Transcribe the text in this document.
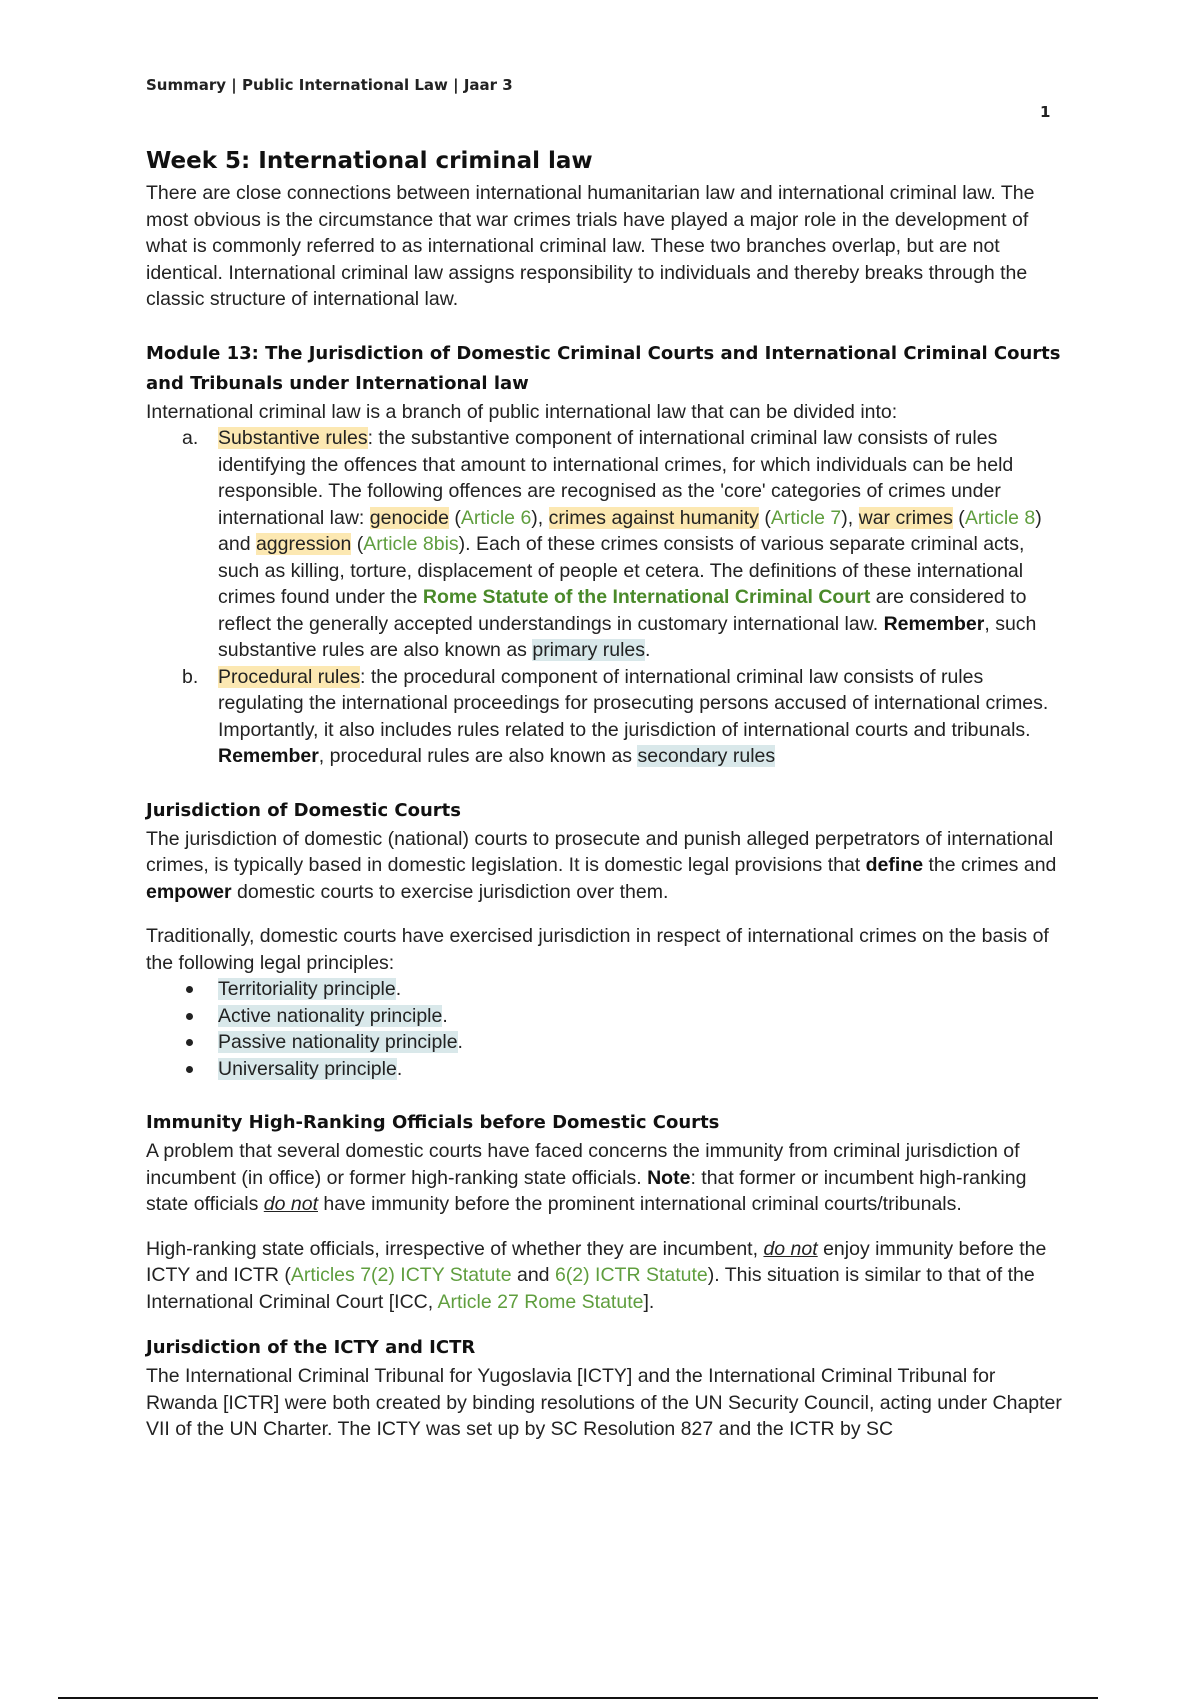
Summary | Public International Law | Jaar 3
1
Week 5: International criminal law

There are close connections between international humanitarian law and international criminal law. The most obvious is the circumstance that war crimes trials have played a major role in the development of what is commonly referred to as international criminal law. These two branches overlap, but are not identical. International criminal law assigns responsibility to individuals and thereby breaks through the classic structure of international law.

Module 13: The Jurisdiction of Domestic Criminal Courts and International Criminal Courts and Tribunals under International law

International criminal law is a branch of public international law that can be divided into:

a. Substantive rules: the substantive component of international criminal law consists of rules identifying the offences that amount to international crimes, for which individuals can be held responsible. The following offences are recognised as the 'core' categories of crimes under international law: genocide (Article 6), crimes against humanity (Article 7), war crimes (Article 8) and aggression (Article 8bis). Each of these crimes consists of various separate criminal acts, such as killing, torture, displacement of people et cetera. The definitions of these international crimes found under the Rome Statute of the International Criminal Court are considered to reflect the generally accepted understandings in customary international law. Remember, such substantive rules are also known as primary rules.
b. Procedural rules: the procedural component of international criminal law consists of rules regulating the international proceedings for prosecuting persons accused of international crimes. Importantly, it also includes rules related to the jurisdiction of international courts and tribunals. Remember, procedural rules are also known as secondary rules
Jurisdiction of Domestic Courts

The jurisdiction of domestic (national) courts to prosecute and punish alleged perpetrators of international crimes, is typically based in domestic legislation. It is domestic legal provisions that define the crimes and empower domestic courts to exercise jurisdiction over them.

Traditionally, domestic courts have exercised jurisdiction in respect of international crimes on the basis of the following legal principles:

Territoriality principle.
Active nationality principle.
Passive nationality principle.
Universality principle.
Immunity High-Ranking Officials before Domestic Courts

A problem that several domestic courts have faced concerns the immunity from criminal jurisdiction of incumbent (in office) or former high-ranking state officials. Note: that former or incumbent high-ranking state officials do not have immunity before the prominent international criminal courts/tribunals.

High-ranking state officials, irrespective of whether they are incumbent, do not enjoy immunity before the ICTY and ICTR (Articles 7(2) ICTY Statute and 6(2) ICTR Statute). This situation is similar to that of the International Criminal Court [ICC, Article 27 Rome Statute].

Jurisdiction of the ICTY and ICTR

The International Criminal Tribunal for Yugoslavia [ICTY] and the International Criminal Tribunal for Rwanda [ICTR] were both created by binding resolutions of the UN Security Council, acting under Chapter VII of the UN Charter. The ICTY was set up by SC Resolution 827 and the ICTR by SC
